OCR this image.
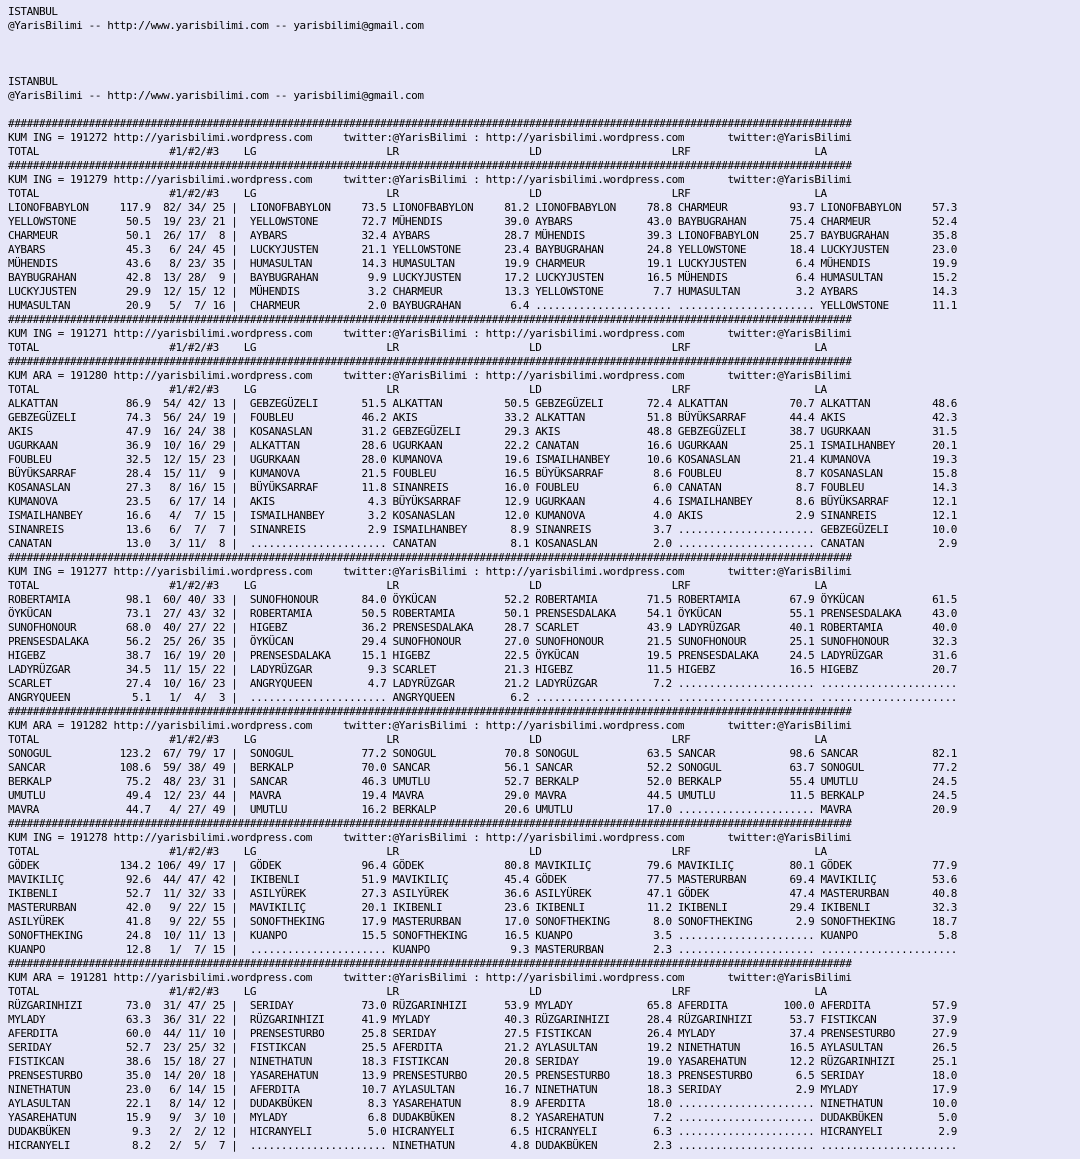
ISTANBUL
@YarisBilimi -- http://www.yarisbilimi.com -- yarisbilimi@gmail.com
ISTANBUL
@YarisBilimi -- http://www.yarisbilimi.com -- yarisbilimi@gmail.com
########################################################################################################################################
KUM ING = 191272 http://yarisbilimi.wordpress.com     twitter:@YarisBilimi : http://yarisbilimi.wordpress.com       twitter:@YarisBilimi
TOTAL                     #1/#2/#3    LG                     LR                     LD                     LRF                    LA
########################################################################################################################################
KUM ING = 191279 http://yarisbilimi.wordpress.com     twitter:@YarisBilimi : http://yarisbilimi.wordpress.com       twitter:@YarisBilimi
TOTAL                     #1/#2/#3    LG                     LR                     LD                     LRF                    LA
LIONOFBABYLON     117.9  82/ 34/ 25 |  LIONOFBABYLON     73.5 LIONOFBABYLON     81.2 LIONOFBABYLON     78.8 CHARMEUR          93.7 LIONOFBABYLON     57.3
YELLOWSTONE        50.5  19/ 23/ 21 |  YELLOWSTONE       72.7 MÜHENDIS          39.0 AYBARS            43.0 BAYBUGRAHAN       75.4 CHARMEUR          52.4
CHARMEUR           50.1  26/ 17/  8 |  AYBARS            32.4 AYBARS            28.7 MÜHENDIS          39.3 LIONOFBABYLON     25.7 BAYBUGRAHAN       35.8
AYBARS             45.3   6/ 24/ 45 |  LUCKYJUSTEN       21.1 YELLOWSTONE       23.4 BAYBUGRAHAN       24.8 YELLOWSTONE       18.4 LUCKYJUSTEN       23.0
MÜHENDIS           43.6   8/ 23/ 35 |  HUMASULTAN        14.3 HUMASULTAN        19.9 CHARMEUR          19.1 LUCKYJUSTEN        6.4 MÜHENDIS          19.9
BAYBUGRAHAN        42.8  13/ 28/  9 |  BAYBUGRAHAN        9.9 LUCKYJUSTEN       17.2 LUCKYJUSTEN       16.5 MÜHENDIS           6.4 HUMASULTAN        15.2
LUCKYJUSTEN        29.9  12/ 15/ 12 |  MÜHENDIS           3.2 CHARMEUR          13.3 YELLOWSTONE        7.7 HUMASULTAN         3.2 AYBARS            14.3
HUMASULTAN         20.9   5/  7/ 16 |  CHARMEUR           2.0 BAYBUGRAHAN        6.4 ...................... ...................... YELLOWSTONE       11.1
########################################################################################################################################
KUM ING = 191271 http://yarisbilimi.wordpress.com     twitter:@YarisBilimi : http://yarisbilimi.wordpress.com       twitter:@YarisBilimi
TOTAL                     #1/#2/#3    LG                     LR                     LD                     LRF                    LA
########################################################################################################################################
KUM ARA = 191280 http://yarisbilimi.wordpress.com     twitter:@YarisBilimi : http://yarisbilimi.wordpress.com       twitter:@YarisBilimi
TOTAL                     #1/#2/#3    LG                     LR                     LD                     LRF                    LA
ALKATTAN           86.9  54/ 42/ 13 |  GEBZEGÜZELI       51.5 ALKATTAN          50.5 GEBZEGÜZELI       72.4 ALKATTAN          70.7 ALKATTAN          48.6
GEBZEGÜZELI        74.3  56/ 24/ 19 |  FOUBLEU           46.2 AKIS              33.2 ALKATTAN          51.8 BÜYÜKSARRAF       44.4 AKIS              42.3
AKIS               47.9  16/ 24/ 38 |  KOSANASLAN        31.2 GEBZEGÜZELI       29.3 AKIS              48.8 GEBZEGÜZELI       38.7 UGURKAAN          31.5
UGURKAAN           36.9  10/ 16/ 29 |  ALKATTAN          28.6 UGURKAAN          22.2 CANATAN           16.6 UGURKAAN          25.1 ISMAILHANBEY      20.1
FOUBLEU            32.5  12/ 15/ 23 |  UGURKAAN          28.0 KUMANOVA          19.6 ISMAILHANBEY      10.6 KOSANASLAN        21.4 KUMANOVA          19.3
BÜYÜKSARRAF        28.4  15/ 11/  9 |  KUMANOVA          21.5 FOUBLEU           16.5 BÜYÜKSARRAF        8.6 FOUBLEU            8.7 KOSANASLAN        15.8
KOSANASLAN         27.3   8/ 16/ 15 |  BÜYÜKSARRAF       11.8 SINANREIS         16.0 FOUBLEU            6.0 CANATAN            8.7 FOUBLEU           14.3
KUMANOVA           23.5   6/ 17/ 14 |  AKIS               4.3 BÜYÜKSARRAF       12.9 UGURKAAN           4.6 ISMAILHANBEY       8.6 BÜYÜKSARRAF       12.1
ISMAILHANBEY       16.6   4/  7/ 15 |  ISMAILHANBEY       3.2 KOSANASLAN        12.0 KUMANOVA           4.0 AKIS               2.9 SINANREIS         12.1
SINANREIS          13.6   6/  7/  7 |  SINANREIS          2.9 ISMAILHANBEY       8.9 SINANREIS          3.7 ...................... GEBZEGÜZELI       10.0
CANATAN            13.0   3/ 11/  8 |  ...................... CANATAN            8.1 KOSANASLAN         2.0 ...................... CANATAN            2.9
########################################################################################################################################
KUM ING = 191277 http://yarisbilimi.wordpress.com     twitter:@YarisBilimi : http://yarisbilimi.wordpress.com       twitter:@YarisBilimi
TOTAL                     #1/#2/#3    LG                     LR                     LD                     LRF                    LA
ROBERTAMIA         98.1  60/ 40/ 33 |  SUNOFHONOUR       84.0 ÖYKÜCAN           52.2 ROBERTAMIA        71.5 ROBERTAMIA        67.9 ÖYKÜCAN           61.5
ÖYKÜCAN            73.1  27/ 43/ 32 |  ROBERTAMIA        50.5 ROBERTAMIA        50.1 PRENSESDALAKA     54.1 ÖYKÜCAN           55.1 PRENSESDALAKA     43.0
SUNOFHONOUR        68.0  40/ 27/ 22 |  HIGEBZ            36.2 PRENSESDALAKA     28.7 SCARLET           43.9 LADYRÜZGAR        40.1 ROBERTAMIA        40.0
PRENSESDALAKA      56.2  25/ 26/ 35 |  ÖYKÜCAN           29.4 SUNOFHONOUR       27.0 SUNOFHONOUR       21.5 SUNOFHONOUR       25.1 SUNOFHONOUR       32.3
HIGEBZ             38.7  16/ 19/ 20 |  PRENSESDALAKA     15.1 HIGEBZ            22.5 ÖYKÜCAN           19.5 PRENSESDALAKA     24.5 LADYRÜZGAR        31.6
LADYRÜZGAR         34.5  11/ 15/ 22 |  LADYRÜZGAR         9.3 SCARLET           21.3 HIGEBZ            11.5 HIGEBZ            16.5 HIGEBZ            20.7
SCARLET            27.4  10/ 16/ 23 |  ANGRYQUEEN         4.7 LADYRÜZGAR        21.2 LADYRÜZGAR         7.2 ...................... ......................
ANGRYQUEEN          5.1   1/  4/  3 |  ...................... ANGRYQUEEN         6.2 ...................... ...................... ......................
########################################################################################################################################
KUM ARA = 191282 http://yarisbilimi.wordpress.com     twitter:@YarisBilimi : http://yarisbilimi.wordpress.com       twitter:@YarisBilimi
TOTAL                     #1/#2/#3    LG                     LR                     LD                     LRF                    LA
SONOGUL           123.2  67/ 79/ 17 |  SONOGUL           77.2 SONOGUL           70.8 SONOGUL           63.5 SANCAR            98.6 SANCAR            82.1
SANCAR            108.6  59/ 38/ 49 |  BERKALP           70.0 SANCAR            56.1 SANCAR            52.2 SONOGUL           63.7 SONOGUL           77.2
BERKALP            75.2  48/ 23/ 31 |  SANCAR            46.3 UMUTLU            52.7 BERKALP           52.0 BERKALP           55.4 UMUTLU            24.5
UMUTLU             49.4  12/ 23/ 44 |  MAVRA             19.4 MAVRA             29.0 MAVRA             44.5 UMUTLU            11.5 BERKALP           24.5
MAVRA              44.7   4/ 27/ 49 |  UMUTLU            16.2 BERKALP           20.6 UMUTLU            17.0 ...................... MAVRA             20.9
########################################################################################################################################
KUM ING = 191278 http://yarisbilimi.wordpress.com     twitter:@YarisBilimi : http://yarisbilimi.wordpress.com       twitter:@YarisBilimi
TOTAL                     #1/#2/#3    LG                     LR                     LD                     LRF                    LA
GÖDEK             134.2 106/ 49/ 17 |  GÖDEK             96.4 GÖDEK             80.8 MAVIKILIÇ         79.6 MAVIKILIÇ         80.1 GÖDEK             77.9
MAVIKILIÇ          92.6  44/ 47/ 42 |  IKIBENLI          51.9 MAVIKILIÇ         45.4 GÖDEK             77.5 MASTERURBAN       69.4 MAVIKILIÇ         53.6
IKIBENLI           52.7  11/ 32/ 33 |  ASILYÜREK         27.3 ASILYÜREK         36.6 ASILYÜREK         47.1 GÖDEK             47.4 MASTERURBAN       40.8
MASTERURBAN        42.0   9/ 22/ 15 |  MAVIKILIÇ         20.1 IKIBENLI          23.6 IKIBENLI          11.2 IKIBENLI          29.4 IKIBENLI          32.3
ASILYÜREK          41.8   9/ 22/ 55 |  SONOFTHEKING      17.9 MASTERURBAN       17.0 SONOFTHEKING       8.0 SONOFTHEKING       2.9 SONOFTHEKING      18.7
SONOFTHEKING       24.8  10/ 11/ 13 |  KUANPO            15.5 SONOFTHEKING      16.5 KUANPO             3.5 ...................... KUANPO             5.8
KUANPO             12.8   1/  7/ 15 |  ...................... KUANPO             9.3 MASTERURBAN        2.3 ...................... ......................
########################################################################################################################################
KUM ARA = 191281 http://yarisbilimi.wordpress.com     twitter:@YarisBilimi : http://yarisbilimi.wordpress.com       twitter:@YarisBilimi
TOTAL                     #1/#2/#3    LG                     LR                     LD                     LRF                    LA
RÜZGARINHIZI       73.0  31/ 47/ 25 |  SERIDAY           73.0 RÜZGARINHIZI      53.9 MYLADY            65.8 AFERDITA         100.0 AFERDITA          57.9
MYLADY             63.3  36/ 31/ 22 |  RÜZGARINHIZI      41.9 MYLADY            40.3 RÜZGARINHIZI      28.4 RÜZGARINHIZI      53.7 FISTIKCAN         37.9
AFERDITA           60.0  44/ 11/ 10 |  PRENSESTURBO      25.8 SERIDAY           27.5 FISTIKCAN         26.4 MYLADY            37.4 PRENSESTURBO      27.9
SERIDAY            52.7  23/ 25/ 32 |  FISTIKCAN         25.5 AFERDITA          21.2 AYLASULTAN        19.2 NINETHATUN        16.5 AYLASULTAN        26.5
FISTIKCAN          38.6  15/ 18/ 27 |  NINETHATUN        18.3 FISTIKCAN         20.8 SERIDAY           19.0 YASAREHATUN       12.2 RÜZGARINHIZI      25.1
PRENSESTURBO       35.0  14/ 20/ 18 |  YASAREHATUN       13.9 PRENSESTURBO      20.5 PRENSESTURBO      18.3 PRENSESTURBO       6.5 SERIDAY           18.0
NINETHATUN         23.0   6/ 14/ 15 |  AFERDITA          10.7 AYLASULTAN        16.7 NINETHATUN        18.3 SERIDAY            2.9 MYLADY            17.9
AYLASULTAN         22.1   8/ 14/ 12 |  DUDAKBÜKEN         8.3 YASAREHATUN        8.9 AFERDITA          18.0 ...................... NINETHATUN        10.0
YASAREHATUN        15.9   9/  3/ 10 |  MYLADY             6.8 DUDAKBÜKEN         8.2 YASAREHATUN        7.2 ...................... DUDAKBÜKEN         5.0
DUDAKBÜKEN          9.3   2/  2/ 12 |  HICRANYELI         5.0 HICRANYELI         6.5 HICRANYELI         6.3 ...................... HICRANYELI         2.9
HICRANYELI          8.2   2/  5/  7 |  ...................... NINETHATUN         4.8 DUDAKBÜKEN         2.3 ...................... ......................
